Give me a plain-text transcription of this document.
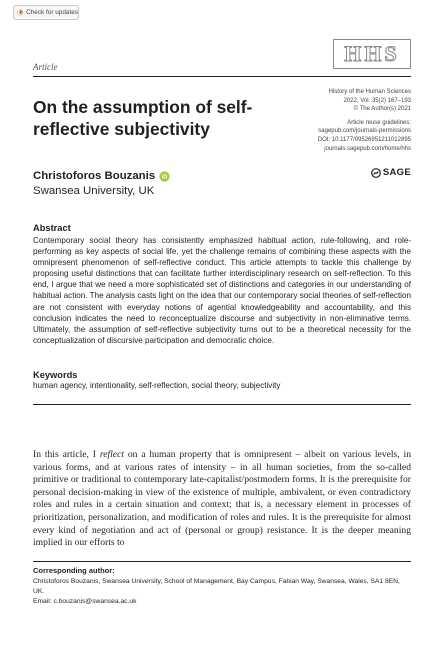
Check for updates
Article
HHS
History of the Human Sciences
2022, Vol. 35(2) 167–193
© The Author(s) 2021
Article reuse guidelines:
sagepub.com/journals-permissions
DOI: 10.1177/09526951211012895
journals.sagepub.com/home/hhs
SAGE
On the assumption of self-reflective subjectivity
Christoforos Bouzanis iD
Swansea University, UK
Abstract
Contemporary social theory has consistently emphasized habitual action, rule-following, and role-performing as key aspects of social life, yet the challenge remains of combining these aspects with the omnipresent phenomenon of self-reflective conduct. This article attempts to tackle this challenge by proposing useful distinctions that can facilitate further interdisciplinary research on self-reflection. To this end, I argue that we need a more sophisticated set of distinctions and categories in our understanding of habitual action. The analysis casts light on the idea that our contemporary social theories of self-reflection are not consistent with everyday notions of agential knowledgeability and accountability, and this conclusion indicates the need to reconceptualize discourse and subjectivity in non-eliminative terms. Ultimately, the assumption of self-reflective subjectivity turns out to be a theoretical necessity for the conceptualization of discursive participation and democratic choice.
Keywords
human agency, intentionality, self-reflection, social theory, subjectivity

In this article, I reflect on a human property that is omnipresent – albeit on various levels, in various forms, and at various rates of intensity – in all human societies, from the so-called primitive or traditional to contemporary late-capitalist/postmodern forms. It is the prerequisite for personal decision-making in view of the existence of multiple, ambivalent, or even contradictory roles and rules in a certain situation and context; that is, a necessary element in processes of prioritization, personalization, and modification of roles and rules. It is the prerequisite for almost every kind of negotiation and act of (personal or group) resistance. It is the deeper meaning implied in our efforts to

Corresponding author:
Christoforos Bouzanis, Swansea University, School of Management, Bay Campus, Fabian Way, Swansea, Wales, SA1 8EN, UK.
Email: c.bouzanis@swansea.ac.uk
